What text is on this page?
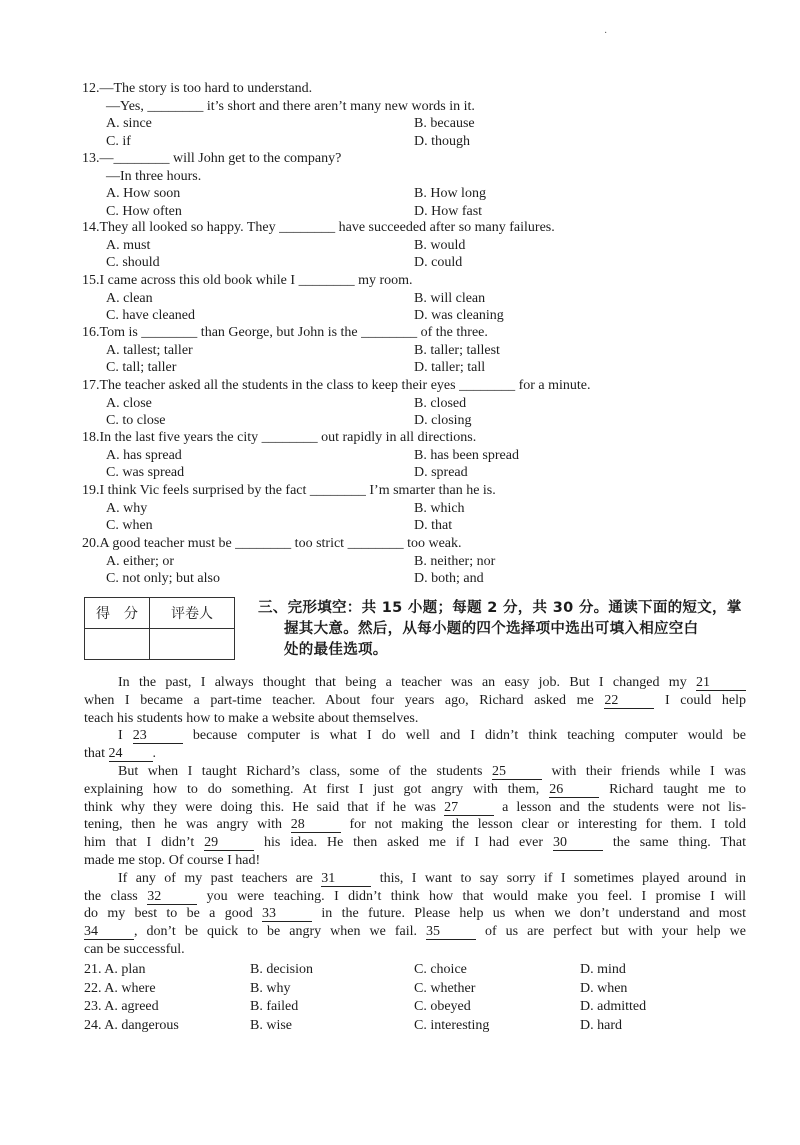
·
12.—The story is too hard to understand.
—Yes, ________ it’s short and there aren’t many new words in it.
A. since	B. because
C. if	D. though
13.—________ will John get to the company?
—In three hours.
A. How soon	B. How long
C. How often	D. How fast
14.They all looked so happy. They ________ have succeeded after so many failures.
A. must	B. would
C. should	D. could
15.I came across this old book while I ________ my room.
A. clean	B. will clean
C. have cleaned	D. was cleaning
16.Tom is ________ than George, but John is the ________ of the three.
A. tallest; taller	B. taller; tallest
C. tall; taller	D. taller; tall
17.The teacher asked all the students in the class to keep their eyes ________ for a minute.
A. close	B. closed
C. to close	D. closing
18.In the last five years the city ________ out rapidly in all directions.
A. has spread	B. has been spread
C. was spread	D. spread
19.I think Vic feels surprised by the fact ________ I’m smarter than he is.
A. why	B. which
C. when	D. that
20.A good teacher must be ________ too strict ________ too weak.
A. either; or	B. neither; nor
C. not only; but also	D. both; and
得　分	评卷人
		三、完形填空：共 15 小题；每题 2 分，共 30 分。通读下面的短文，掌
握其大意。然后，从每小题的四个选择项中选出可填入相应空白
处的最佳选项。
In the past, I always thought that being a teacher was an easy job. But I changed my 21
when I became a part-time teacher. About four years ago, Richard asked me 22	I could help
teach his students how to make a website about themselves.
I 23	because computer is what I do well and I didn’t think teaching computer would be
that 24 .
But when I taught Richard’s class, some of the students 25	with their friends while I was
explaining how to do something. At first I just got angry with them, 26	Richard taught me to
think why they were doing this. He said that if he was 27	a lesson and the students were not lis-
tening, then he was angry with 28	for not making the lesson clear or interesting for them. I told
him that I didn’t 29	his idea. He then asked me if I had ever 30	the same thing. That
made me stop. Of course I had!
If any of my past teachers are 31	this, I want to say sorry if I sometimes played around in
the class 32	you were teaching. I didn’t think how that would make you feel. I promise I will
do my best to be a good 33	in the future. Please help us when we don’t understand and most
34	, don’t be quick to be angry when we fail. 35	of us are perfect but with your help we
can be successful.
21. A. plan	B. decision	C. choice	D. mind
22. A. where	B. why	C. whether	D. when
23. A. agreed	B. failed	C. obeyed	D. admitted
24. A. dangerous	B. wise	C. interesting	D. hard
